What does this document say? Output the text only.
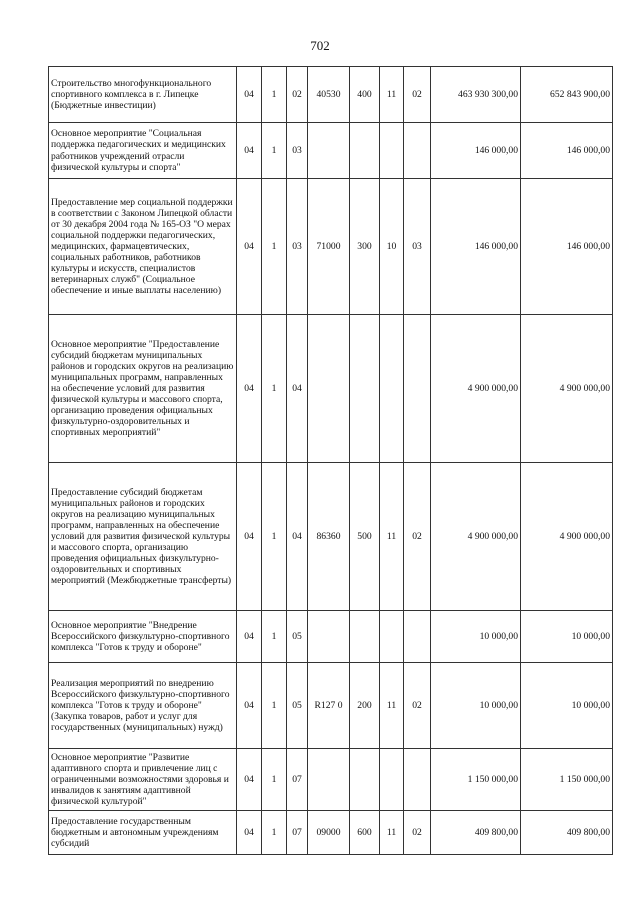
702
Строительство многофункционального спортивного комплекса в г. Липецке (Бюджетные инвестиции)	04	1	02	40530	400	11	02	463 930 300,00	652 843 900,00
Основное мероприятие "Социальная поддержка педагогических и медицинских работников учреждений отрасли физической культуры и спорта"	04	1	03					146 000,00	146 000,00
Предоставление мер социальной поддержки в соответствии с Законом Липецкой области от 30 декабря 2004 года № 165-ОЗ "О мерах социальной поддержки педагогических, медицинских, фармацевтических, социальных работников, работников культуры и искусств, специалистов ветеринарных служб" (Социальное обеспечение и иные выплаты населению)	04	1	03	71000	300	10	03	146 000,00	146 000,00
Основное мероприятие "Предоставление субсидий бюджетам муниципальных районов и городских округов на реализацию муниципальных программ, направленных на обеспечение условий для развития физической культуры и массового спорта, организацию проведения официальных физкультурно-оздоровительных и спортивных мероприятий"	04	1	04					4 900 000,00	4 900 000,00
Предоставление субсидий бюджетам муниципальных районов и городских округов на реализацию муниципальных программ, направленных на обеспечение условий для развития физической культуры и массового спорта, организацию проведения официальных физкультурно-оздоровительных и спортивных мероприятий (Межбюджетные трансферты)	04	1	04	86360	500	11	02	4 900 000,00	4 900 000,00
Основное мероприятие "Внедрение Всероссийского физкультурно-спортивного комплекса "Готов к труду и обороне"	04	1	05					10 000,00	10 000,00
Реализация мероприятий по внедрению Всероссийского физкультурно-спортивного комплекса "Готов к труду и обороне" (Закупка товаров, работ и услуг для государственных (муниципальных) нужд)	04	1	05	R127 0	200	11	02	10 000,00	10 000,00
Основное мероприятие "Развитие адаптивного спорта и привлечение лиц с ограниченными возможностями здоровья и инвалидов к занятиям адаптивной физической культурой"	04	1	07					1 150 000,00	1 150 000,00
Предоставление государственным бюджетным и автономным учреждениям субсидий	04	1	07	09000	600	11	02	409 800,00	409 800,00
